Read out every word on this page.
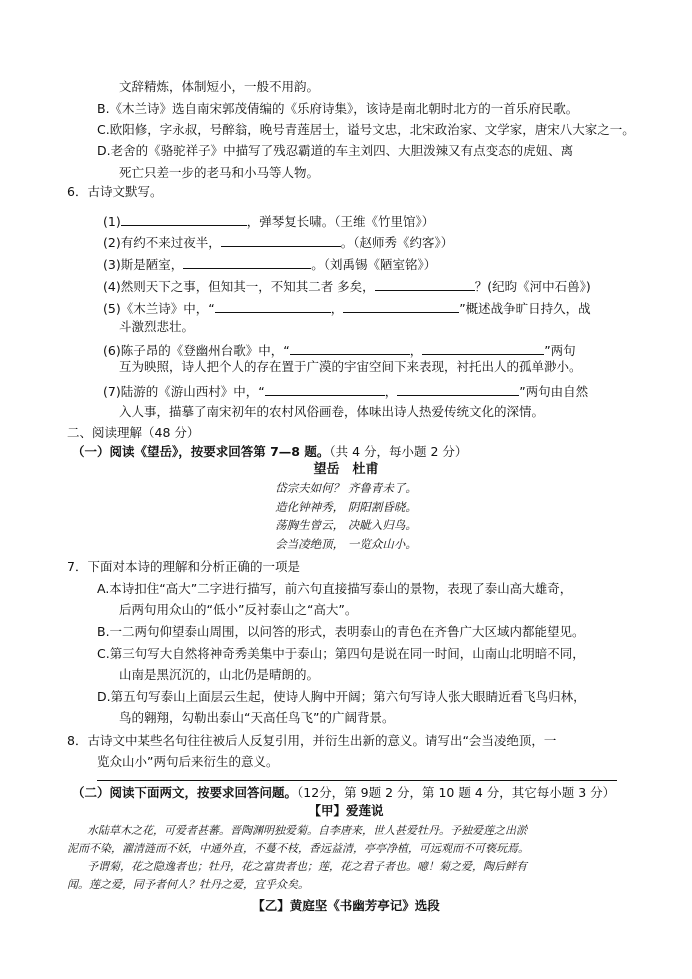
文辞精炼，体制短小，一般不用韵。
B.《木兰诗》选自南宋郭茂倩编的《乐府诗集》，该诗是南北朝时北方的一首乐府民歌。
C.欧阳修，字永叔，号醉翁，晚号青莲居士，谥号文忠，北宋政治家、文学家，唐宋八大家之一。
D.老舍的《骆驼祥子》中描写了残忍霸道的车主刘四、大胆泼辣又有点变态的虎妞、离
死亡只差一步的老马和小马等人物。
6．古诗文默写。
(1)	，弹琴复长啸。（王维《竹里馆》）
(2)有约不来过夜半，	。（赵师秀《约客》）
(3)斯是陋室，	。（刘禹锡《陋室铭》）
(4)然则天下之事，但知其一，不知其二者 多矣，	？(纪昀《河中石兽》)
(5)《木兰诗》中，“	，	”概述战争旷日持久，战
斗激烈悲壮。
(6)陈子昂的《登幽州台歌》中，“	，	”两句
互为映照，诗人把个人的存在置于广漠的宇宙空间下来表现，衬托出人的孤单渺小。
(7)陆游的《游山西村》中，“	，	”两句由自然
入人事，描摹了南宋初年的农村风俗画卷，体味出诗人热爱传统文化的深情。
二、阅读理解（48 分）
（一）阅读《望岳》，按要求回答第 7—8 题。（共 4 分，每小题 2 分）
望岳　杜甫
岱宗夫如何？ 齐鲁青未了。
造化钟神秀， 阴阳割昏晓。
荡胸生曾云， 决眦入归鸟。
会当凌绝顶， 一览众山小。
7．下面对本诗的理解和分析正确的一项是
A.本诗扣住“高大”二字进行描写，前六句直接描写泰山的景物，表现了泰山高大雄奇，
后两句用众山的“低小”反衬泰山之“高大”。
B.一二两句仰望泰山周围，以问答的形式，表明泰山的青色在齐鲁广大区域内都能望见。
C.第三句写大自然将神奇秀美集中于泰山；第四句是说在同一时间，山南山北明暗不同，
山南是黑沉沉的，山北仍是晴朗的。
D.第五句写泰山上面层云生起，使诗人胸中开阔；第六句写诗人张大眼睛近看飞鸟归林，
鸟的翱翔，勾勒出泰山“天高任鸟飞”的广阔背景。
8．古诗文中某些名句往往被后人反复引用，并衍生出新的意义。请写出“会当凌绝顶，一
览众山小”两句后来衍生的意义。
（二）阅读下面两文，按要求回答问题。（12分，第 9题 2 分，第 10 题 4 分，其它每小题 3 分）
【甲】爱莲说
水陆草木之花，可爱者甚蕃。晋陶渊明独爱菊。自李唐来，世人甚爱牡丹。予独爱莲之出淤
泥而不染，濯清涟而不妖，中通外直，不蔓不枝，香远益清，亭亭净植，可远观而不可亵玩焉。
予谓菊，花之隐逸者也；牡丹，花之富贵者也；莲，花之君子者也。噫！菊之爱，陶后鲜有
闻。莲之爱，同予者何人？牡丹之爱，宜乎众矣。
【乙】黄庭坚《书幽芳亭记》选段
